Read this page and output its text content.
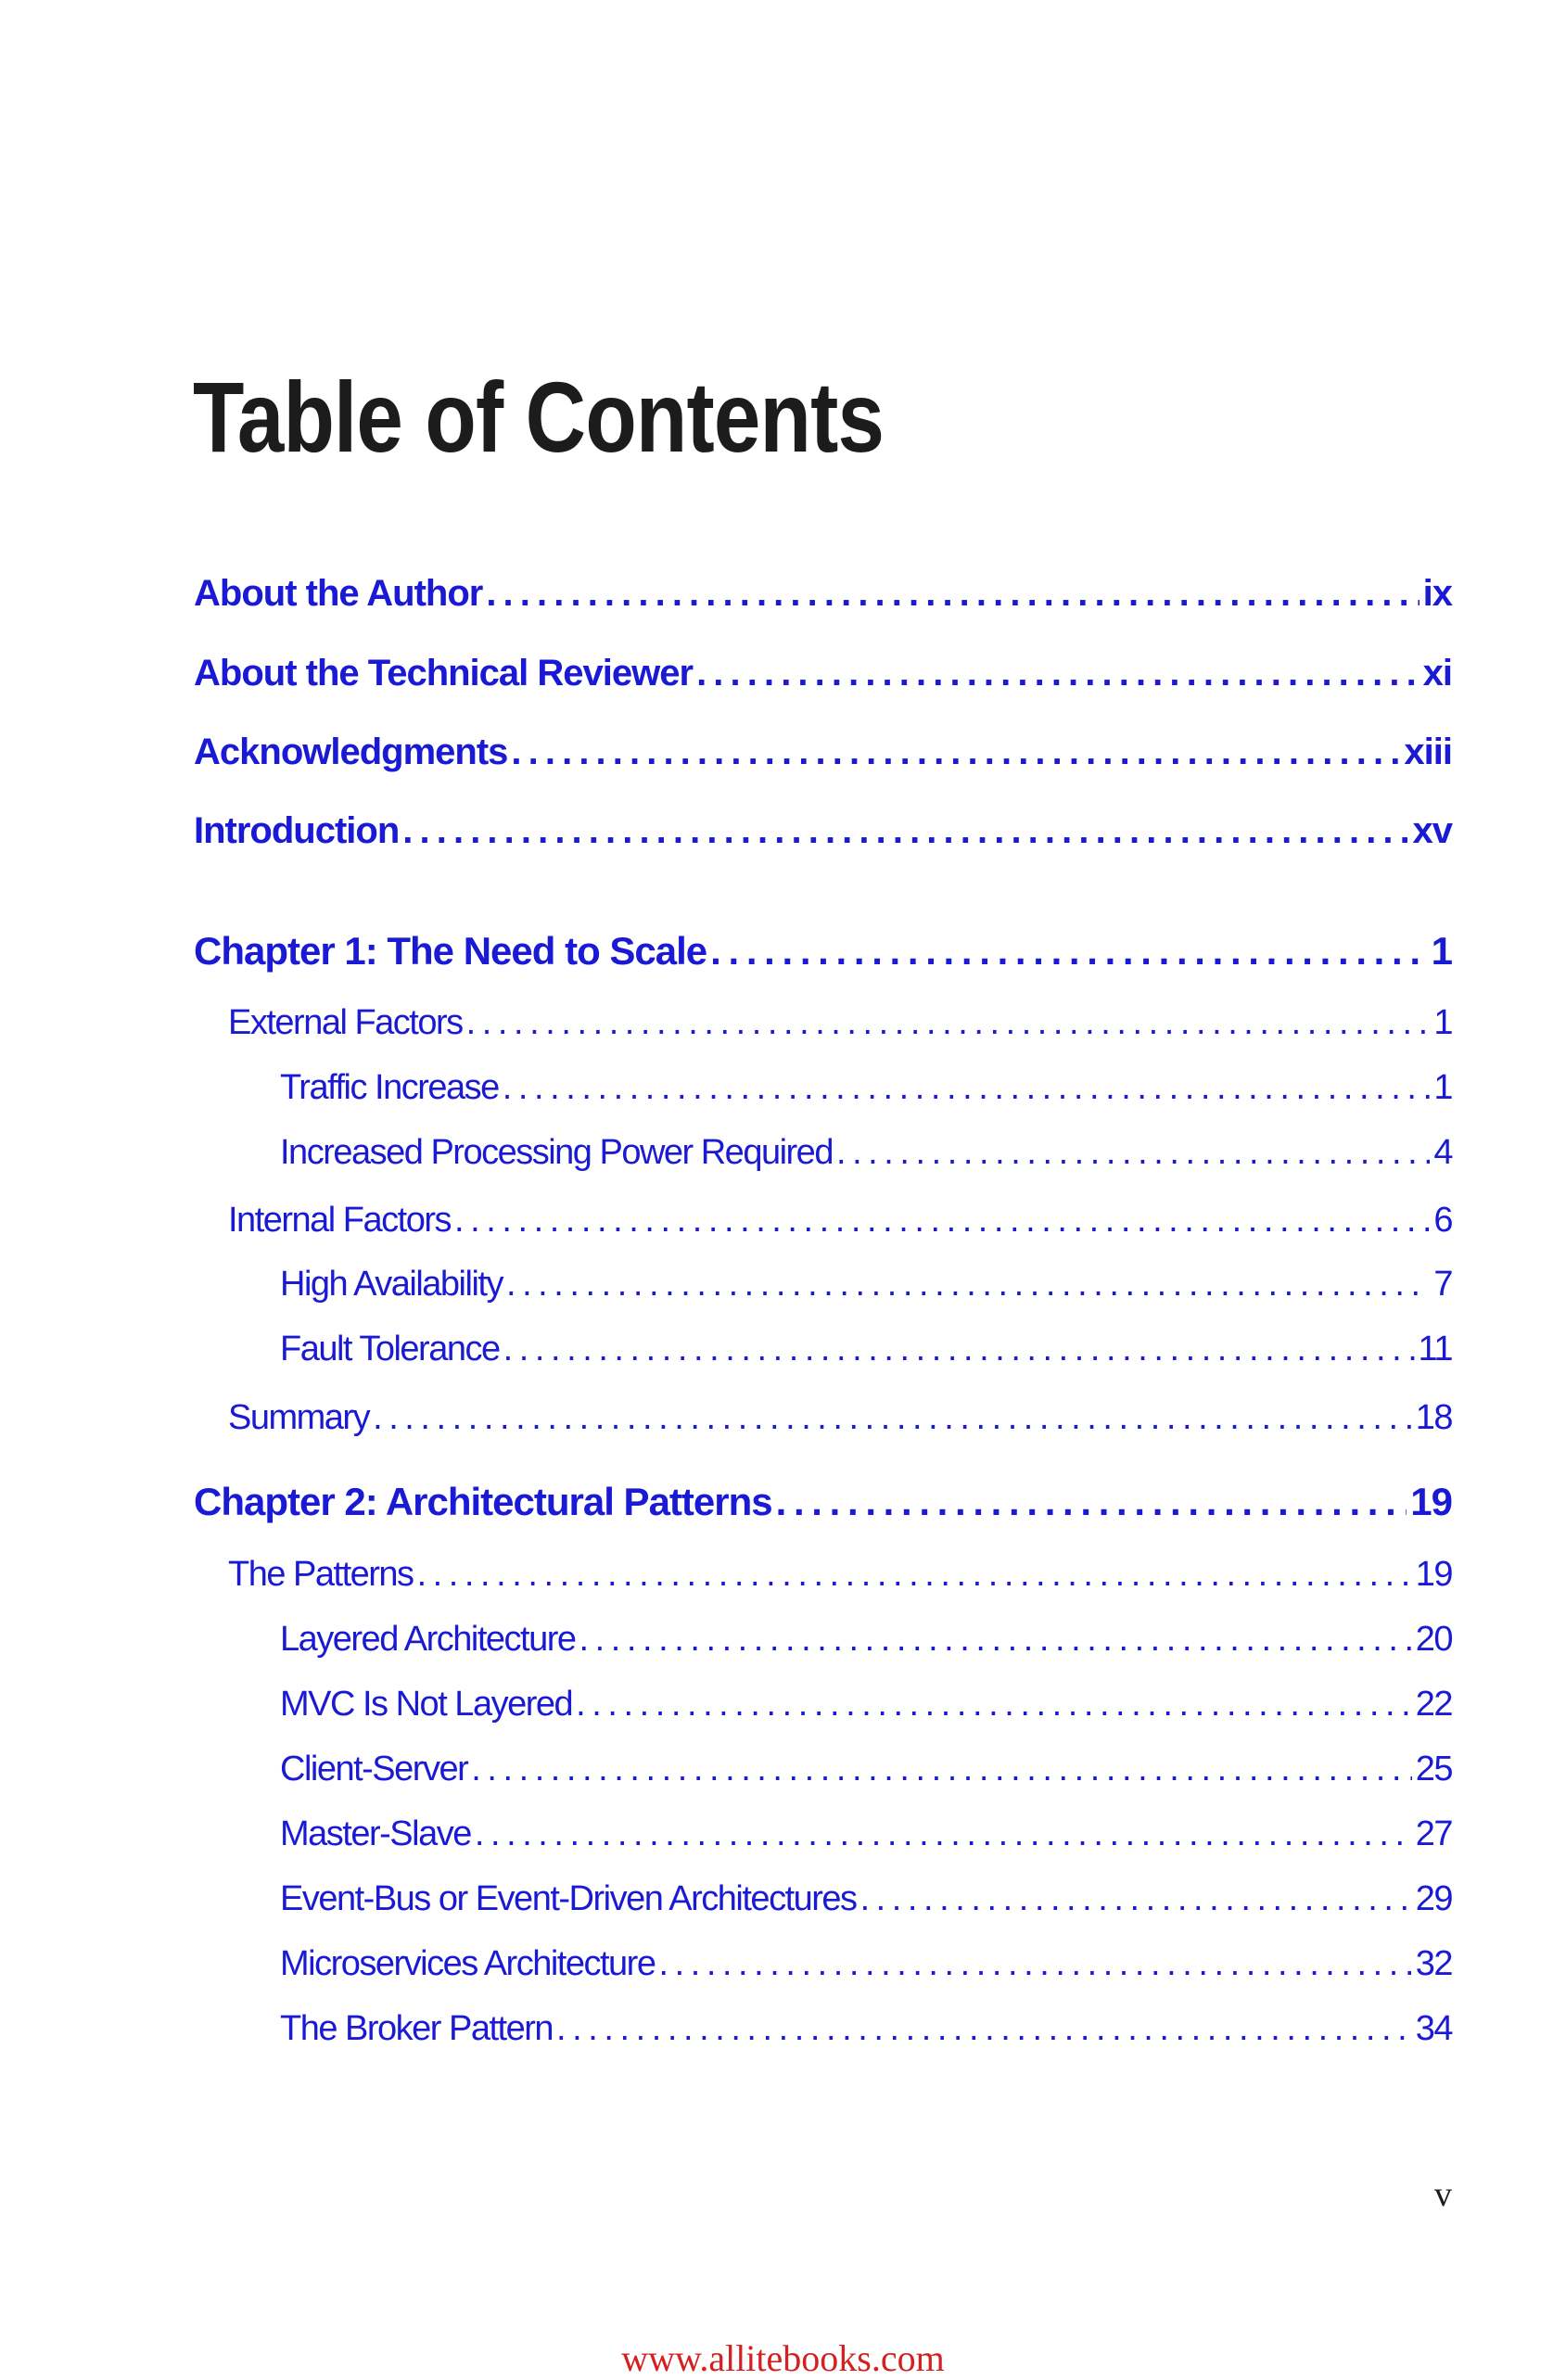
Table of Contents
About the Author . . .	ix
About the Technical Reviewer . . .	xi
Acknowledgments . . .	xiii
Introduction . . .	xv
Chapter 1: The Need to Scale . . .	1
External Factors . . .	1
Traffic Increase . . .	1
Increased Processing Power Required . . .	4
Internal Factors . . .	6
High Availability . . .	7
Fault Tolerance . . .	11
Summary . . .	18
Chapter 2: Architectural Patterns . . .	19
The Patterns . . .	19
Layered Architecture . . .	20
MVC Is Not Layered . . .	22
Client-Server . . .	25
Master-Slave . . .	27
Event-Bus or Event-Driven Architectures . . .	29
Microservices Architecture . . .	32
The Broker Pattern . . .	34

v

www.allitebooks.com
